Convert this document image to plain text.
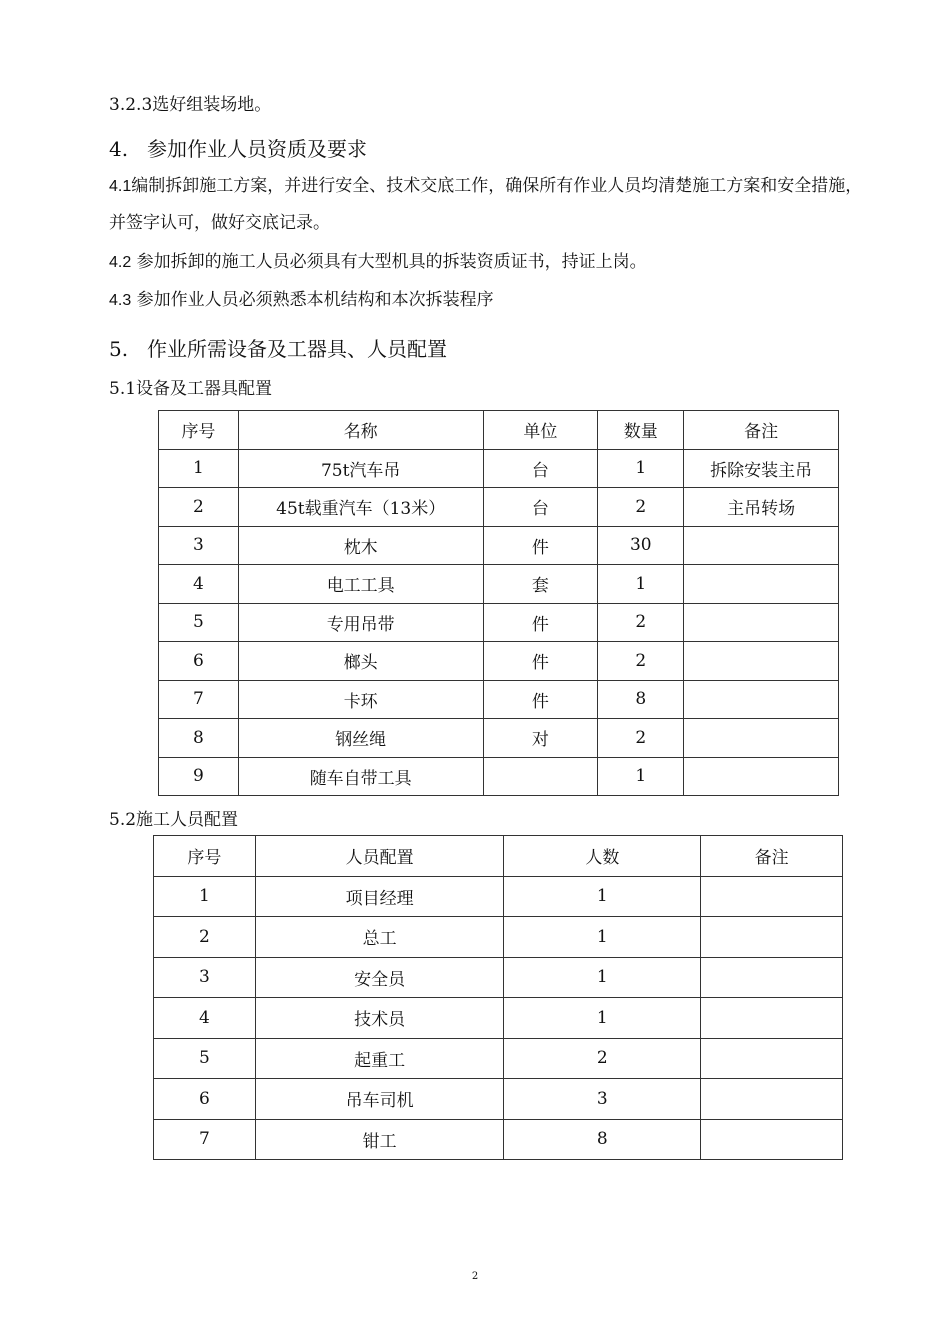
3.2.3选好组装场地。
4. 参加作业人员资质及要求
4.1编制拆卸施工方案，并进行安全、技术交底工作，确保所有作业人员均清楚施工方案和安全措施，并签字认可，做好交底记录。
4.2 参加拆卸的施工人员必须具有大型机具的拆装资质证书，持证上岗。
4.3 参加作业人员必须熟悉本机结构和本次拆装程序
5. 作业所需设备及工器具、人员配置
5.1设备及工器具配置
序号	名称	单位	数量	备注
1	75t汽车吊	台	1	拆除安装主吊
2	45t载重汽车（13米）	台	2	主吊转场
3	枕木	件	30	
4	电工工具	套	1	
5	专用吊带	件	2	
6	榔头	件	2	
7	卡环	件	8	
8	钢丝绳	对	2	
9	随车自带工具		1	
5.2施工人员配置
序号	人员配置	人数	备注
1	项目经理	1	
2	总工	1	
3	安全员	1	
4	技术员	1	
5	起重工	2	
6	吊车司机	3	
7	钳工	8	
2
